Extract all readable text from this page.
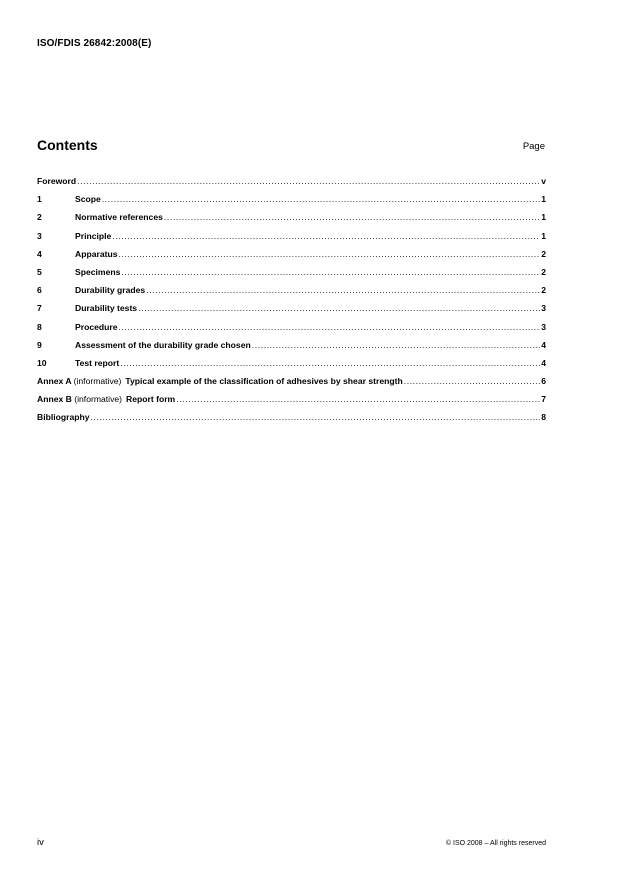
ISO/FDIS 26842:2008(E)
Contents	Page
Foreword .....	v
1	Scope .....	1
2	Normative references .....	1
3	Principle .....	1
4	Apparatus .....	2
5	Specimens .....	2
6	Durability grades .....	2
7	Durability tests .....	3
8	Procedure .....	3
9	Assessment of the durability grade chosen .....	4
10	Test report .....	4
Annex A (informative) Typical example of the classification of adhesives by shear strength .....	6
Annex B (informative) Report form .....	7
Bibliography .....	8
iv	© ISO 2008 – All rights reserved
